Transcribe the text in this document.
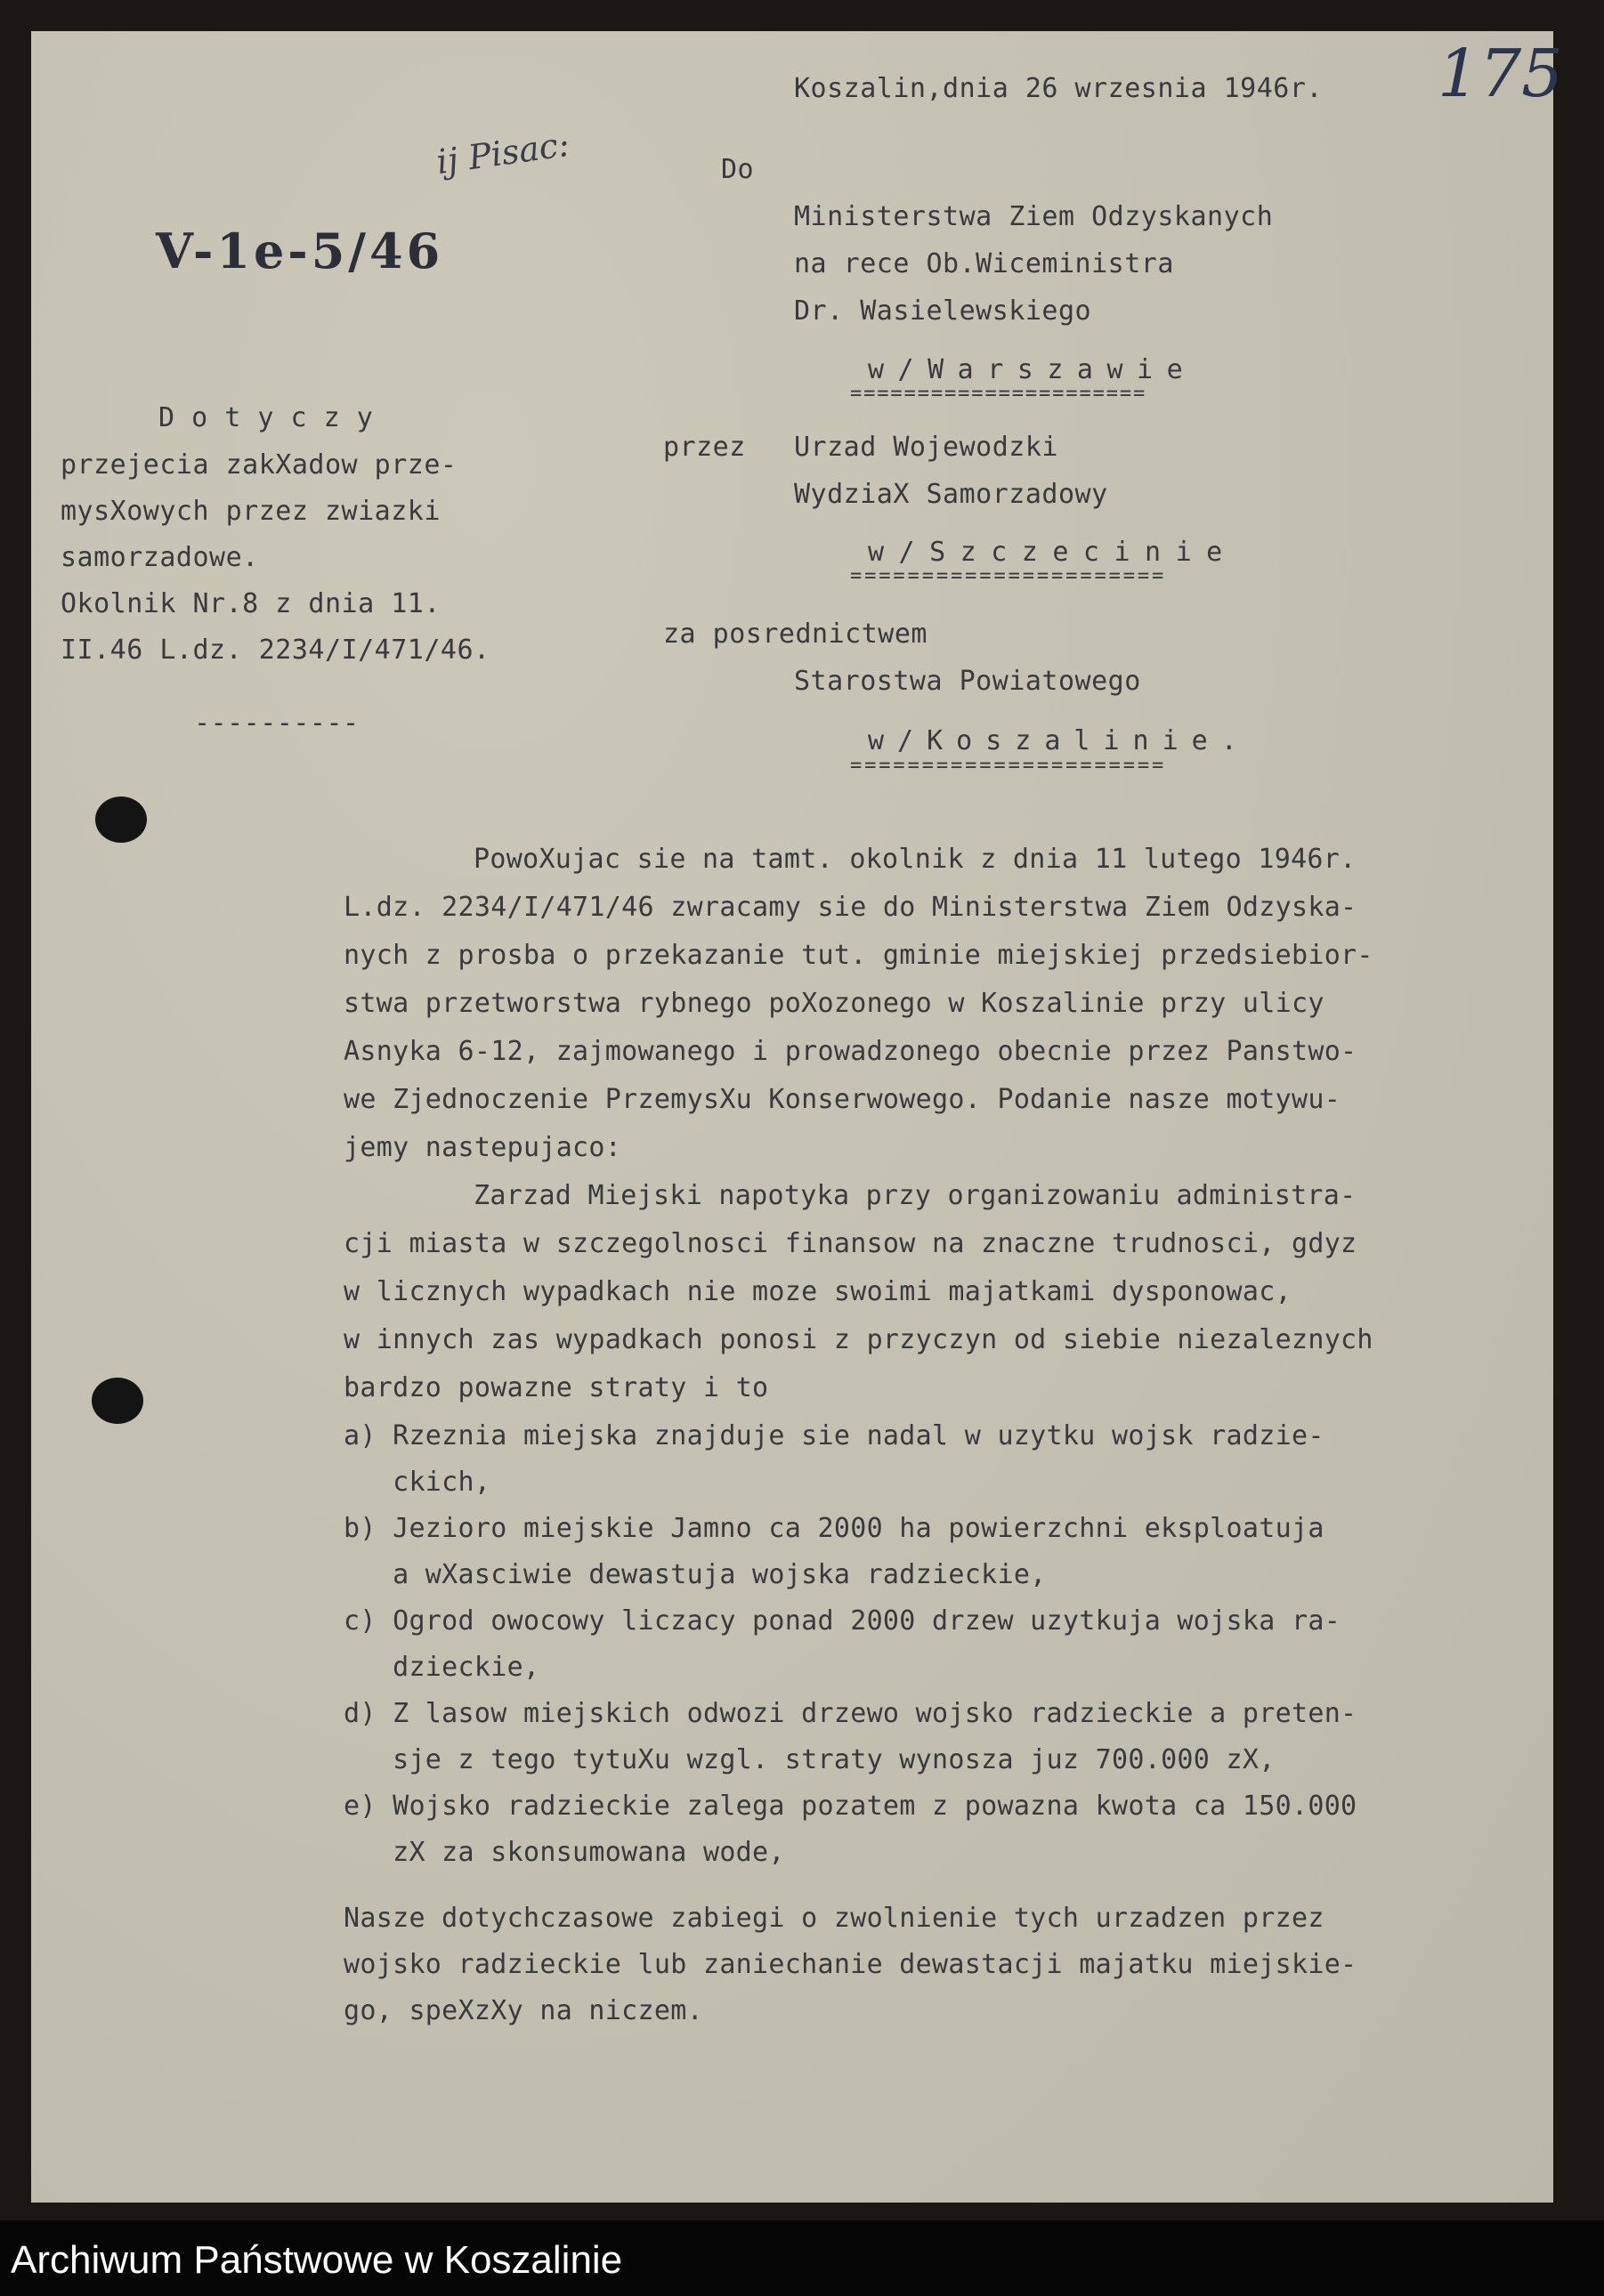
175
ij Pisac:
V-1e-5/46
Koszalin,dnia 26 wrzesnia 1946r.
Do
Ministerstwa Ziem Odzyskanych
na rece Ob.Wiceministra
Dr. Wasielewskiego
w/Warszawie
======================
przez Urzad Wojewodzki
WydziaX Samorzadowy
w/Szczecinie
======================
za posrednictwem
Starostwa Powiatowego
w/Koszalinie.
======================
D o t y c z y
przejecia zakXadow prze-
mysXowych przez zwiazki
samorzadowe.
Okolnik Nr.8 z dnia 11.
II.46 L.dz. 2234/I/471/46.
----------
PowoXujac sie na tamt. okolnik z dnia 11 lutego 1946r.
L.dz. 2234/I/471/46 zwracamy sie do Ministerstwa Ziem Odzyska-
nych z prosba o przekazanie tut. gminie miejskiej przedsiebior-
stwa przetworstwa rybnego poXozonego w Koszalinie przy ulicy
Asnyka 6-12, zajmowanego i prowadzonego obecnie przez Panstwo-
we Zjednoczenie PrzemysXu Konserwowego. Podanie nasze motywu-
jemy nastepujaco:
Zarzad Miejski napotyka przy organizowaniu administra-
cji miasta w szczegolnosci finansow na znaczne trudnosci, gdyz
w licznych wypadkach nie moze swoimi majatkami dysponowac,
w innych zas wypadkach ponosi z przyczyn od siebie niezaleznych
bardzo powazne straty i to
a) Rzeznia miejska znajduje sie nadal w uzytku wojsk radzie-
ckich,
b) Jezioro miejskie Jamno ca 2000 ha powierzchni eksploatuja
a wXasciwie dewastuja wojska radzieckie,
c) Ogrod owocowy liczacy ponad 2000 drzew uzytkuja wojska ra-
dzieckie,
d) Z lasow miejskich odwozi drzewo wojsko radzieckie a preten-
sje z tego tytuXu wzgl. straty wynosza juz 700.000 zX,
e) Wojsko radzieckie zalega pozatem z powazna kwota ca 150.000
zX za skonsumowana wode,
Nasze dotychczasowe zabiegi o zwolnienie tych urzadzen przez
wojsko radzieckie lub zaniechanie dewastacji majatku miejskie-
go, speXzXy na niczem.
Archiwum Państwowe w Koszalinie
